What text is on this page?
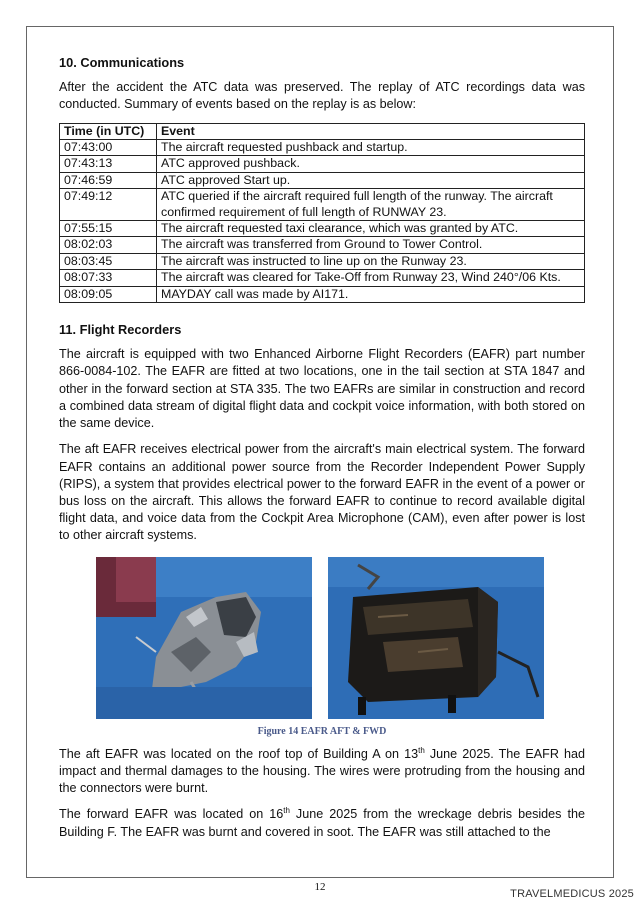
10. Communications

After the accident the ATC data was preserved. The replay of ATC recordings data was conducted. Summary of events based on the replay is as below:

Time (in UTC)	Event
07:43:00	The aircraft requested pushback and startup.
07:43:13	ATC approved pushback.
07:46:59	ATC approved Start up.
07:49:12	ATC queried if the aircraft required full length of the runway. The aircraft confirmed requirement of full length of RUNWAY 23.
07:55:15	The aircraft requested taxi clearance, which was granted by ATC.
08:02:03	The aircraft was transferred from Ground to Tower Control.
08:03:45	The aircraft was instructed to line up on the Runway 23.
08:07:33	The aircraft was cleared for Take-Off from Runway 23, Wind 240°/06 Kts.
08:09:05	MAYDAY call was made by AI171.
11. Flight Recorders

The aircraft is equipped with two Enhanced Airborne Flight Recorders (EAFR) part number 866-0084-102. The EAFR are fitted at two locations, one in the tail section at STA 1847 and other in the forward section at STA 335. The two EAFRs are similar in construction and record a combined data stream of digital flight data and cockpit voice information, with both stored on the same device.

The aft EAFR receives electrical power from the aircraft's main electrical system. The forward EAFR contains an additional power source from the Recorder Independent Power Supply (RIPS), a system that provides electrical power to the forward EAFR in the event of a power or bus loss on the aircraft. This allows the forward EAFR to continue to record available digital flight data, and voice data from the Cockpit Area Microphone (CAM), even after power is lost to other aircraft systems.

Figure 14 EAFR AFT & FWD

The aft EAFR was located on the roof top of Building A on 13th June 2025. The EAFR had impact and thermal damages to the housing. The wires were protruding from the housing and the connectors were burnt.

The forward EAFR was located on 16th June 2025 from the wreckage debris besides the Building F. The EAFR was burnt and covered in soot. The EAFR was still attached to the

12
TRAVELMEDICUS 2025
